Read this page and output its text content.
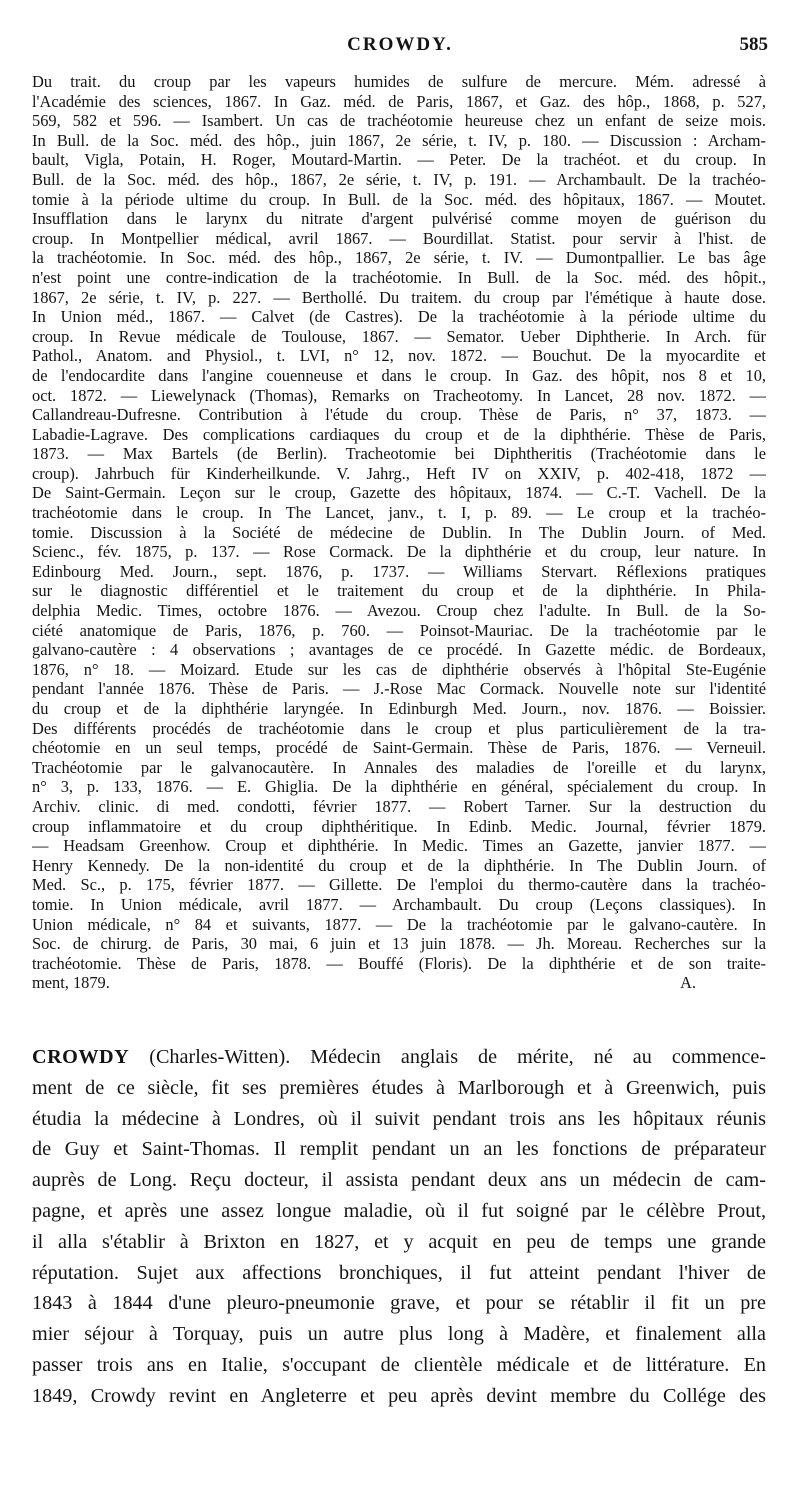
CROWDY.	585
Du trait. du croup par les vapeurs humides de sulfure de mercure. Mém. adressé à
l'Académie des sciences, 1867. In Gaz. méd. de Paris, 1867, et Gaz. des hôp., 1868, p. 527,
569, 582 et 596. — Isambert. Un cas de trachéotomie heureuse chez un enfant de seize mois.
In Bull. de la Soc. méd. des hôp., juin 1867, 2e série, t. IV, p. 180. — Discussion : Archam-
bault, Vigla, Potain, H. Roger, Moutard-Martin. — Peter. De la trachéot. et du croup. In
Bull. de la Soc. méd. des hôp., 1867, 2e série, t. IV, p. 191. — Archambault. De la trachéo-
tomie à la période ultime du croup. In Bull. de la Soc. méd. des hôpitaux, 1867. — Moutet.
Insufflation dans le larynx du nitrate d'argent pulvérisé comme moyen de guérison du
croup. In Montpellier médical, avril 1867. — Bourdillat. Statist. pour servir à l'hist. de
la trachéotomie. In Soc. méd. des hôp., 1867, 2e série, t. IV. — Dumontpallier. Le bas âge
n'est point une contre-indication de la trachéotomie. In Bull. de la Soc. méd. des hôpit.,
1867, 2e série, t. IV, p. 227. — Berthollé. Du traitem. du croup par l'émétique à haute dose.
In Union méd., 1867. — Calvet (de Castres). De la trachéotomie à la période ultime du
croup. In Revue médicale de Toulouse, 1867. — Semator. Ueber Diphtherie. In Arch. für
Pathol., Anatom. and Physiol., t. LVI, n° 12, nov. 1872. — Bouchut. De la myocardite et
de l'endocardite dans l'angine couenneuse et dans le croup. In Gaz. des hôpit, nos 8 et 10,
oct. 1872. — Liewelynack (Thomas), Remarks on Tracheotomy. In Lancet, 28 nov. 1872. —
Callandreau-Dufresne. Contribution à l'étude du croup. Thèse de Paris, n° 37, 1873. —
Labadie-Lagrave. Des complications cardiaques du croup et de la diphthérie. Thèse de Paris,
1873. — Max Bartels (de Berlin). Tracheotomie bei Diphtheritis (Trachéotomie dans le
croup). Jahrbuch für Kinderheilkunde. V. Jahrg., Heft IV on XXIV, p. 402-418, 1872 —
De Saint-Germain. Leçon sur le croup, Gazette des hôpitaux, 1874. — C.-T. Vachell. De la
trachéotomie dans le croup. In The Lancet, janv., t. I, p. 89. — Le croup et la trachéo-
tomie. Discussion à la Société de médecine de Dublin. In The Dublin Journ. of Med.
Scienc., fév. 1875, p. 137. — Rose Cormack. De la diphthérie et du croup, leur nature. In
Edinbourg Med. Journ., sept. 1876, p. 1737. — Williams Stervart. Réflexions pratiques
sur le diagnostic différentiel et le traitement du croup et de la diphthérie. In Phila-
delphia Medic. Times, octobre 1876. — Avezou. Croup chez l'adulte. In Bull. de la So-
ciété anatomique de Paris, 1876, p. 760. — Poinsot-Mauriac. De la trachéotomie par le
galvano-cautère : 4 observations ; avantages de ce procédé. In Gazette médic. de Bordeaux,
1876, n° 18. — Moizard. Etude sur les cas de diphthérie observés à l'hôpital Ste-Eugénie
pendant l'année 1876. Thèse de Paris. — J.-Rose Mac Cormack. Nouvelle note sur l'identité
du croup et de la diphthérie laryngée. In Edinburgh Med. Journ., nov. 1876. — Boissier.
Des différents procédés de trachéotomie dans le croup et plus particulièrement de la tra-
chéotomie en un seul temps, procédé de Saint-Germain. Thèse de Paris, 1876. — Verneuil.
Trachéotomie par le galvanocautère. In Annales des maladies de l'oreille et du larynx,
n° 3, p. 133, 1876. — E. Ghiglia. De la diphthérie en général, spécialement du croup. In
Archiv. clinic. di med. condotti, février 1877. — Robert Tarner. Sur la destruction du
croup inflammatoire et du croup diphthéritique. In Edinb. Medic. Journal, février 1879.
— Headsam Greenhow. Croup et diphthérie. In Medic. Times an Gazette, janvier 1877. —
Henry Kennedy. De la non-identité du croup et de la diphthérie. In The Dublin Journ. of
Med. Sc., p. 175, février 1877. — Gillette. De l'emploi du thermo-cautère dans la trachéo-
tomie. In Union médicale, avril 1877. — Archambault. Du croup (Leçons classiques). In
Union médicale, n° 84 et suivants, 1877. — De la trachéotomie par le galvano-cautère. In
Soc. de chirurg. de Paris, 30 mai, 6 juin et 13 juin 1878. — Jh. Moreau. Recherches sur la
trachéotomie. Thèse de Paris, 1878. — Bouffé (Floris). De la diphthérie et de son traite-
ment, 1879.	A.
CROWDY (Charles-Witten). Médecin anglais de mérite, né au commence-
ment de ce siècle, fit ses premières études à Marlborough et à Greenwich, puis
étudia la médecine à Londres, où il suivit pendant trois ans les hôpitaux réunis
de Guy et Saint-Thomas. Il remplit pendant un an les fonctions de préparateur
auprès de Long. Reçu docteur, il assista pendant deux ans un médecin de cam-
pagne, et après une assez longue maladie, où il fut soigné par le célèbre Prout,
il alla s'établir à Brixton en 1827, et y acquit en peu de temps une grande
réputation. Sujet aux affections bronchiques, il fut atteint pendant l'hiver de
1843 à 1844 d'une pleuro-pneumonie grave, et pour se rétablir il fit un pre
mier séjour à Torquay, puis un autre plus long à Madère, et finalement alla
passer trois ans en Italie, s'occupant de clientèle médicale et de littérature. En
1849, Crowdy revint en Angleterre et peu après devint membre du Collége des
